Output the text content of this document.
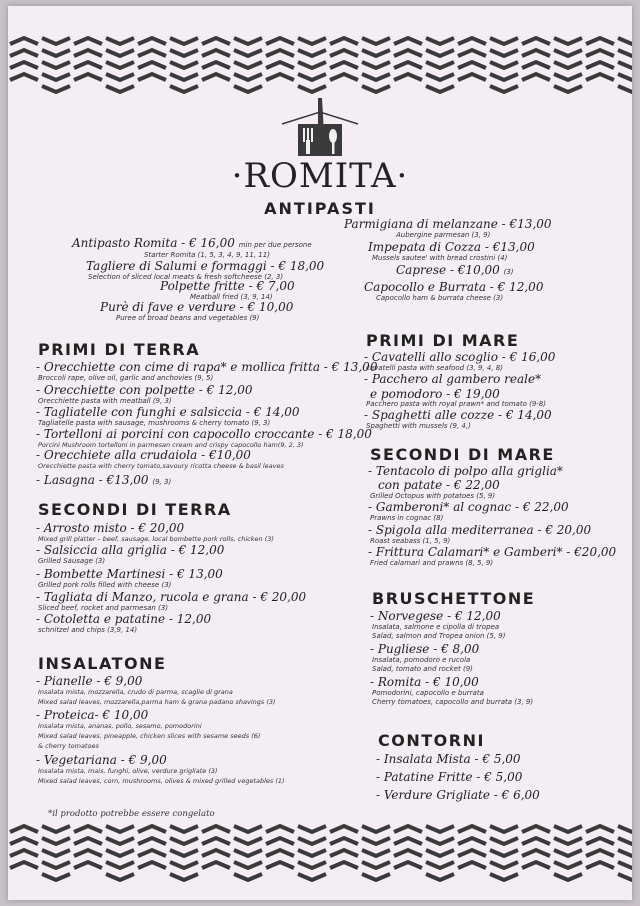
·ROMITA·
ANTIPASTI
Antipasto Romita - € 16,00 min per due persone
Starter Romita (1, 5, 3, 4, 9, 11, 11)
Tagliere di Salumi e formaggi - € 18,00
Selection of sliced local meats & fresh softcheese (2, 3)
Polpette fritte - € 7,00
Meatball fried (3, 9, 14)
Purè di fave e verdure - € 10,00
Puree of broad beans and vegetables (9)
Parmigiana di melanzane - €13,00
Aubergine parmesan (3, 9)
Impepata di Cozza - €13,00
Mussels sautee' with bread crostini (4)
Caprese - €10,00 (3)
Capocollo e Burrata - € 12,00
Capocollo ham & burrata cheese (3)
PRIMI DI TERRA
- Orecchiette con cime di rapa* e mollica fritta - € 13,00
Broccoli rape, olive oil, garlic and anchovies (9, 5)
- Orecchiette con polpette - € 12,00
Orecchiette pasta with meatball (9, 3)
- Tagliatelle con funghi e salsiccia - € 14,00
Tagliatelle pasta with sausage, mushrooms & cherry tomato (9, 3)
- Tortelloni ai porcini con capocollo croccante - € 18,00
Porcini Mushroom tortelloni in parmesan cream and crispy capocollo ham(9, 2, 3)
- Orecchiete alla crudaiola - €10,00
Orecchiette pasta with cherry tomato,savoury ricotta cheese & basil leaves
- Lasagna - €13,00 (9, 3)
SECONDI DI TERRA
- Arrosto misto - € 20,00
Mixed grill platter – beef, sausage, local bombette pork rolls, chicken (3)
- Salsiccia alla griglia - € 12,00
Grilled Sausage (3)
- Bombette Martinesi - € 13,00
Grilled pork rolls filled with cheese (3)
- Tagliata di Manzo, rucola e grana - € 20,00
Sliced beef, rocket and parmesan (3)
- Cotoletta e patatine - 12,00
schnitzel and chips (3,9, 14)
INSALATONE
- Pianelle - € 9,00
Insalata mista, mozzarella, crudo di parma, scaglie di grana
Mixed salad leaves, mozzarella,parma ham & grana padano shavings (3)
- Proteica- € 10,00
Insalata mista, ananas, pollo, sesamo, pomodorini
Mixed salad leaves, pineapple, chicken slices with sesame seeds (6)
& cherry tomatoes
- Vegetariana - € 9,00
Insalata mista, mais, funghi, olive, verdure grigliate (3)
Mixed salad leaves, corn, mushrooms, olives & mixed grilled vegetables (1)
PRIMI DI MARE
- Cavatelli allo scoglio - € 16,00
cavatelli pasta with seafood (3, 9, 4, 8)
- Pacchero al gambero reale*
e pomodoro - € 19,00
Pacchero pasta with royal prawn* and tomato (9-8)
- Spaghetti alle cozze - € 14,00
Spaghetti with mussels (9, 4,)
SECONDI DI MARE
- Tentacolo di polpo alla griglia*
con patate - € 22,00
Grilled Octopus with potatoes (5, 9)
- Gamberoni* al cognac - € 22,00
Prawns in cognac (8)
- Spigola alla mediterranea - € 20,00
Roast seabass (1, 5, 9)
- Frittura Calamari* e Gamberi* - €20,00
Fried calamari and prawns (8, 5, 9)
BRUSCHETTONE
- Norvegese - € 12,00
Insalata, salmone e cipolla di tropea
Salad, salmon and Tropea onion (5, 9)
- Pugliese - € 8,00
Insalata, pomodoro e rucola
Salad, tomato and rocket (9)
- Romita - € 10,00
Pomodorini, capocollo e burrata
Cherry tomatoes, capocollo and burrata (3, 9)
CONTORNI
- Insalata Mista - € 5,00
- Patatine Fritte - € 5,00
- Verdure Grigliate - € 6,00
*il prodotto potrebbe essere congelato
